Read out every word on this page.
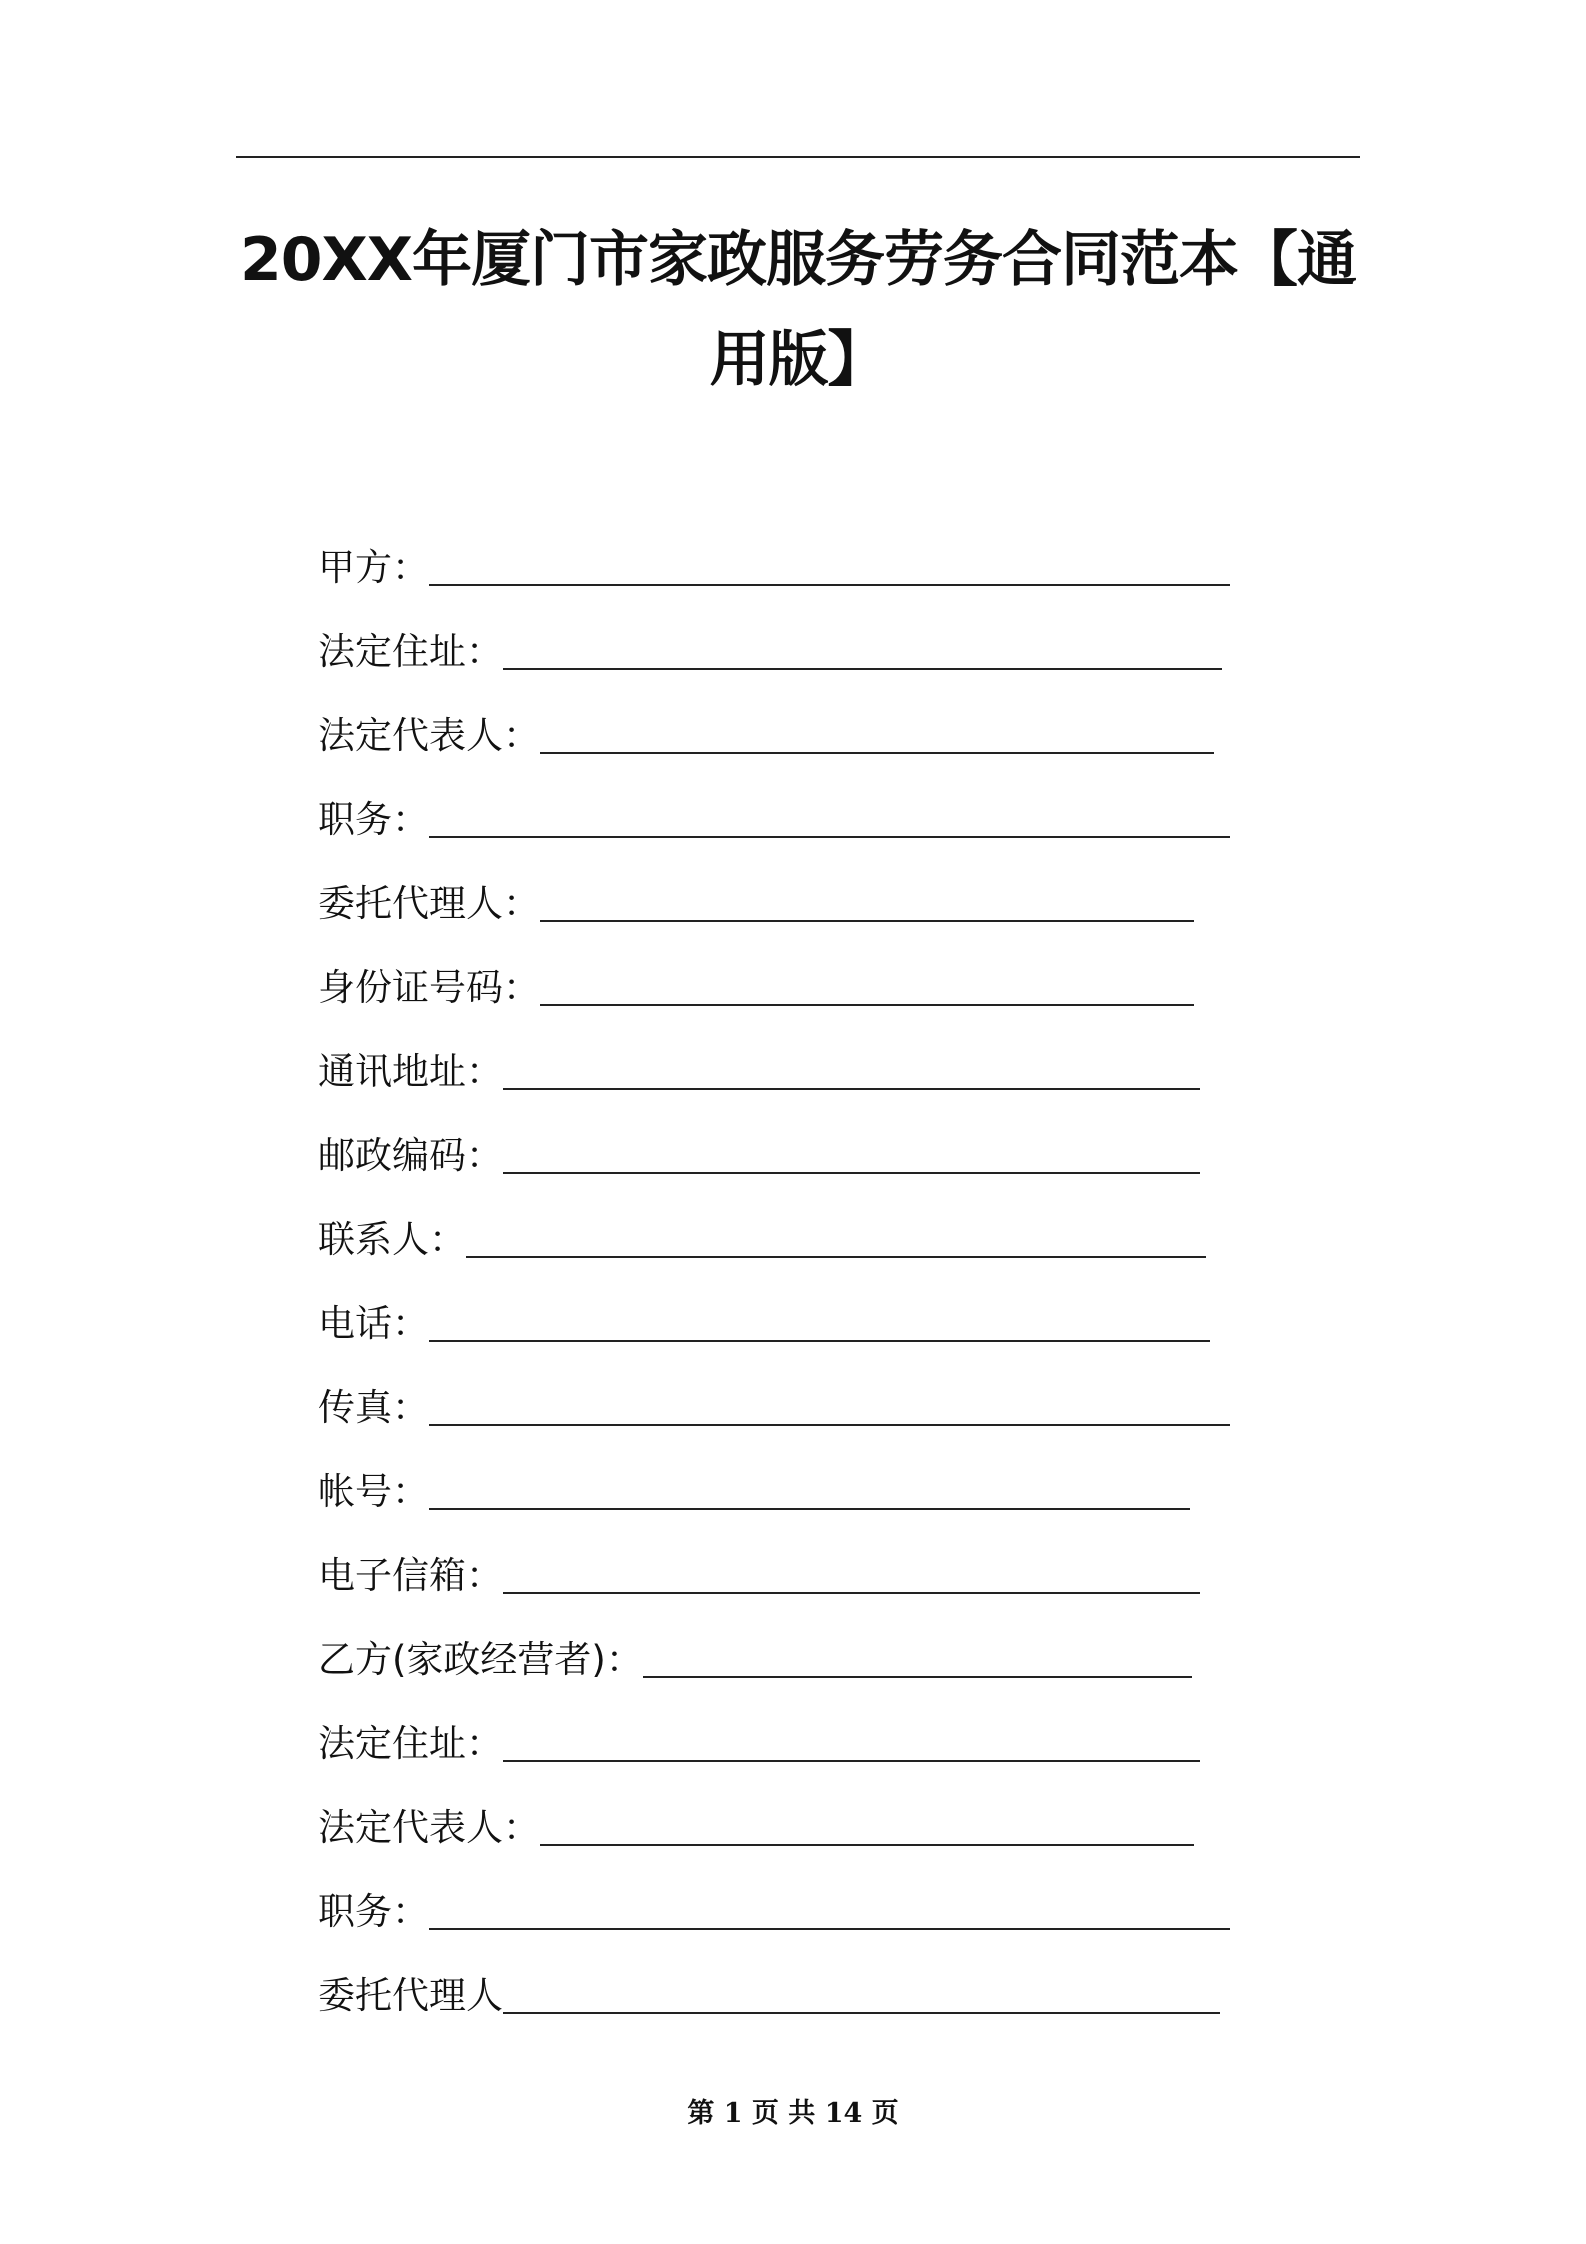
20XX年厦门市家政服务劳务合同范本【通用版】
甲方：
法定住址：
法定代表人：
职务：
委托代理人：
身份证号码：
通讯地址：
邮政编码：
联系人：
电话：
传真：
帐号：
电子信箱：
乙方(家政经营者)：
法定住址：
法定代表人：
职务：
委托代理人
第 1 页 共 14 页
